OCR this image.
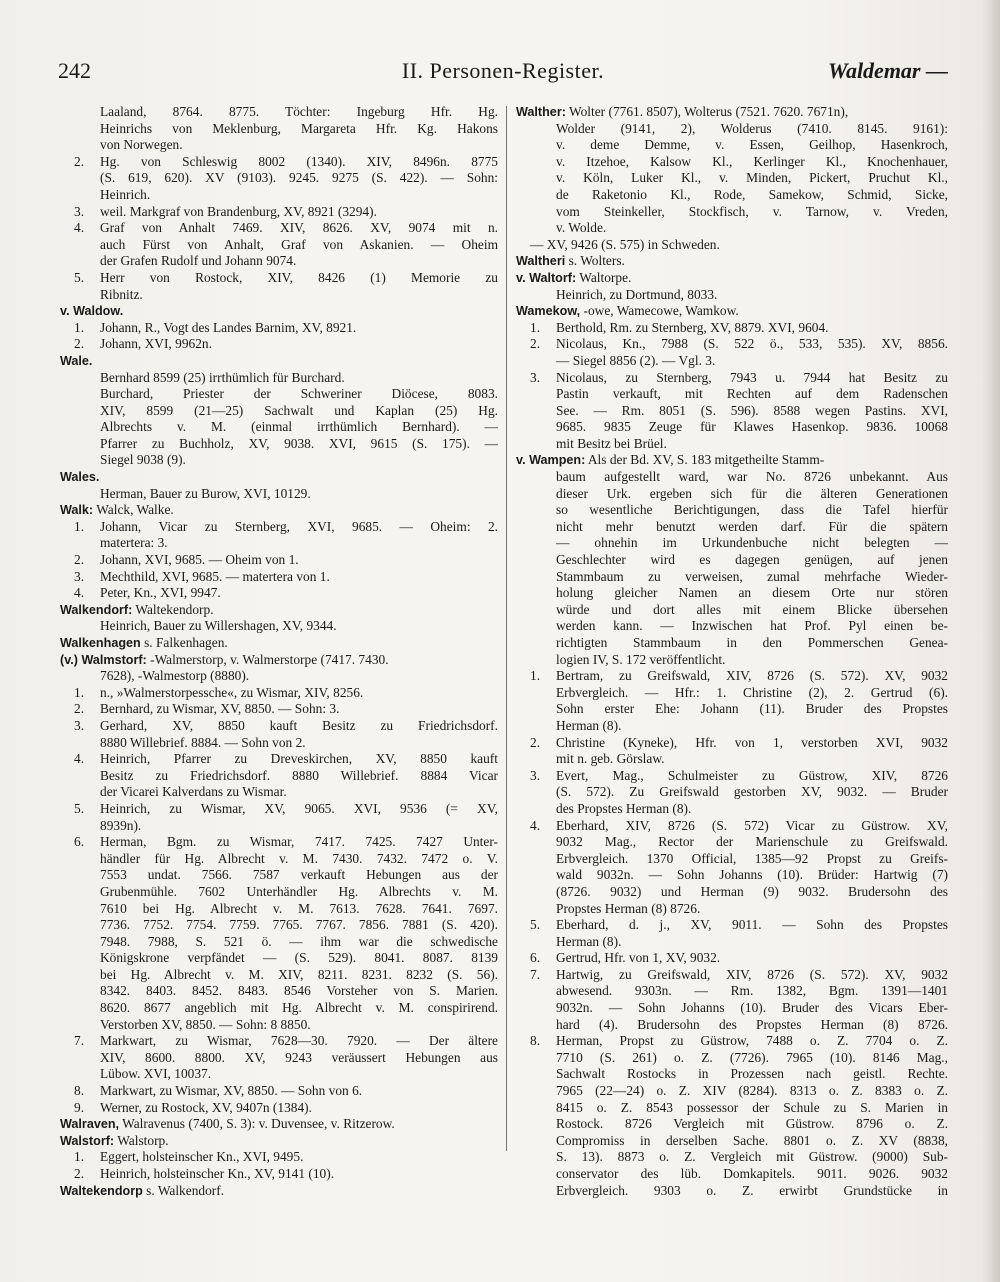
242	II. Personen-Register.	Waldemar —
Laaland, 8764. 8775. Töchter: Ingeburg Hfr. Hg.
Heinrichs von Meklenburg, Margareta Hfr. Kg. Hakons
von Norwegen.
2. Hg. von Schleswig 8002 (1340). XIV, 8496n. 8775
(S. 619, 620). XV (9103). 9245. 9275 (S. 422). — Sohn:
Heinrich.
3. weil. Markgraf von Brandenburg, XV, 8921 (3294).
4. Graf von Anhalt 7469. XIV, 8626. XV, 9074 mit n.
auch Fürst von Anhalt, Graf von Askanien. — Oheim
der Grafen Rudolf und Johann 9074.
5. Herr von Rostock, XIV, 8426 (1) Memorie zu
Ribnitz.
v. Waldow.
1. Johann, R., Vogt des Landes Barnim, XV, 8921.
2. Johann, XVI, 9962n.
Wale.
Bernhard 8599 (25) irrthümlich für Burchard.
Burchard, Priester der Schweriner Diöcese, 8083.
XIV, 8599 (21—25) Sachwalt und Kaplan (25) Hg.
Albrechts v. M. (einmal irrthümlich Bernhard). —
Pfarrer zu Buchholz, XV, 9038. XVI, 9615 (S. 175). —
Siegel 9038 (9).
Wales.
Herman, Bauer zu Burow, XVI, 10129.
Walk: Walck, Walke.
1. Johann, Vicar zu Sternberg, XVI, 9685. — Oheim: 2.
matertera: 3.
2. Johann, XVI, 9685. — Oheim von 1.
3. Mechthild, XVI, 9685. — matertera von 1.
4. Peter, Kn., XVI, 9947.
Walkendorf: Waltekendorp.
Heinrich, Bauer zu Willershagen, XV, 9344.
Walkenhagen s. Falkenhagen.
(v.) Walmstorf: -Walmerstorp, v. Walmerstorpe (7417. 7430.
7628), -Walmestorp (8880).
1. n., »Walmerstorpessche«, zu Wismar, XIV, 8256.
2. Bernhard, zu Wismar, XV, 8850. — Sohn: 3.
3. Gerhard, XV, 8850 kauft Besitz zu Friedrichsdorf.
8880 Willebrief. 8884. — Sohn von 2.
4. Heinrich, Pfarrer zu Dreveskirchen, XV, 8850 kauft
Besitz zu Friedrichsdorf. 8880 Willebrief. 8884 Vicar
der Vicarei Kalverdans zu Wismar.
5. Heinrich, zu Wismar, XV, 9065. XVI, 9536 (= XV,
8939n).
6. Herman, Bgm. zu Wismar, 7417. 7425. 7427 Unter-
händler für Hg. Albrecht v. M. 7430. 7432. 7472 o. V.
7553 undat. 7566. 7587 verkauft Hebungen aus der
Grubenmühle. 7602 Unterhändler Hg. Albrechts v. M.
7610 bei Hg. Albrecht v. M. 7613. 7628. 7641. 7697.
7736. 7752. 7754. 7759. 7765. 7767. 7856. 7881 (S. 420).
7948. 7988, S. 521 ö. — ihm war die schwedische
Königskrone verpfändet — (S. 529). 8041. 8087. 8139
bei Hg. Albrecht v. M. XIV, 8211. 8231. 8232 (S. 56).
8342. 8403. 8452. 8483. 8546 Vorsteher von S. Marien.
8620. 8677 angeblich mit Hg. Albrecht v. M. conspirirend.
Verstorben XV, 8850. — Sohn: 8 8850.
7. Markwart, zu Wismar, 7628—30. 7920. — Der ältere
XIV, 8600. 8800. XV, 9243 veräussert Hebungen aus
Lübow. XVI, 10037.
8. Markwart, zu Wismar, XV, 8850. — Sohn von 6.
9. Werner, zu Rostock, XV, 9407n (1384).
Walraven, Walravenus (7400, S. 3): v. Duvensee, v. Ritzerow.
Walstorf: Walstorp.
1. Eggert, holsteinscher Kn., XVI, 9495.
2. Heinrich, holsteinscher Kn., XV, 9141 (10).
Waltekendorp s. Walkendorf.
Walther: Wolter (7761. 8507), Wolterus (7521. 7620. 7671n),
Wolder (9141, 2), Wolderus (7410. 8145. 9161):
v. deme Demme, v. Essen, Geilhop, Hasenkroch,
v. Itzehoe, Kalsow Kl., Kerlinger Kl., Knochenhauer,
v. Köln, Luker Kl., v. Minden, Pickert, Pruchut Kl.,
de Raketonio Kl., Rode, Samekow, Schmid, Sicke,
vom Steinkeller, Stockfisch, v. Tarnow, v. Vreden,
v. Wolde.
— XV, 9426 (S. 575) in Schweden.
Waltheri s. Wolters.
v. Waltorf: Waltorpe.
Heinrich, zu Dortmund, 8033.
Wamekow, -owe, Wamecowe, Wamkow.
1. Berthold, Rm. zu Sternberg, XV, 8879. XVI, 9604.
2. Nicolaus, Kn., 7988 (S. 522 ö., 533, 535). XV, 8856.
— Siegel 8856 (2). — Vgl. 3.
3. Nicolaus, zu Sternberg, 7943 u. 7944 hat Besitz zu
Pastin verkauft, mit Rechten auf dem Radenschen
See. — Rm. 8051 (S. 596). 8588 wegen Pastins. XVI,
9685. 9835 Zeuge für Klawes Hasenkop. 9836. 10068
mit Besitz bei Brüel.
v. Wampen: Als der Bd. XV, S. 183 mitgetheilte Stamm-
baum aufgestellt ward, war No. 8726 unbekannt. Aus
dieser Urk. ergeben sich für die älteren Generationen
so wesentliche Berichtigungen, dass die Tafel hierfür
nicht mehr benutzt werden darf. Für die spätern
— ohnehin im Urkundenbuche nicht belegten —
Geschlechter wird es dagegen genügen, auf jenen
Stammbaum zu verweisen, zumal mehrfache Wieder-
holung gleicher Namen an diesem Orte nur stören
würde und dort alles mit einem Blicke übersehen
werden kann. — Inzwischen hat Prof. Pyl einen be-
richtigten Stammbaum in den Pommerschen Genea-
logien IV, S. 172 veröffentlicht.
1. Bertram, zu Greifswald, XIV, 8726 (S. 572). XV, 9032
Erbvergleich. — Hfr.: 1. Christine (2), 2. Gertrud (6).
Sohn erster Ehe: Johann (11). Bruder des Propstes
Herman (8).
2. Christine (Kyneke), Hfr. von 1, verstorben XVI, 9032
mit n. geb. Görslaw.
3. Evert, Mag., Schulmeister zu Güstrow, XIV, 8726
(S. 572). Zu Greifswald gestorben XV, 9032. — Bruder
des Propstes Herman (8).
4. Eberhard, XIV, 8726 (S. 572) Vicar zu Güstrow. XV,
9032 Mag., Rector der Marienschule zu Greifswald.
Erbvergleich. 1370 Official, 1385—92 Propst zu Greifs-
wald 9032n. — Sohn Johanns (10). Brüder: Hartwig (7)
(8726. 9032) und Herman (9) 9032. Brudersohn des
Propstes Herman (8) 8726.
5. Eberhard, d. j., XV, 9011. — Sohn des Propstes
Herman (8).
6. Gertrud, Hfr. von 1, XV, 9032.
7. Hartwig, zu Greifswald, XIV, 8726 (S. 572). XV, 9032
abwesend. 9303n. — Rm. 1382, Bgm. 1391—1401
9032n. — Sohn Johanns (10). Bruder des Vicars Eber-
hard (4). Brudersohn des Propstes Herman (8) 8726.
8. Herman, Propst zu Güstrow, 7488 o. Z. 7704 o. Z.
7710 (S. 261) o. Z. (7726). 7965 (10). 8146 Mag.,
Sachwalt Rostocks in Prozessen nach geistl. Rechte.
7965 (22—24) o. Z. XIV (8284). 8313 o. Z. 8383 o. Z.
8415 o. Z. 8543 possessor der Schule zu S. Marien in
Rostock. 8726 Vergleich mit Güstrow. 8796 o. Z.
Compromiss in derselben Sache. 8801 o. Z. XV (8838,
S. 13). 8873 o. Z. Vergleich mit Güstrow. (9000) Sub-
conservator des lüb. Domkapitels. 9011. 9026. 9032
Erbvergleich. 9303 o. Z. erwirbt Grundstücke in
